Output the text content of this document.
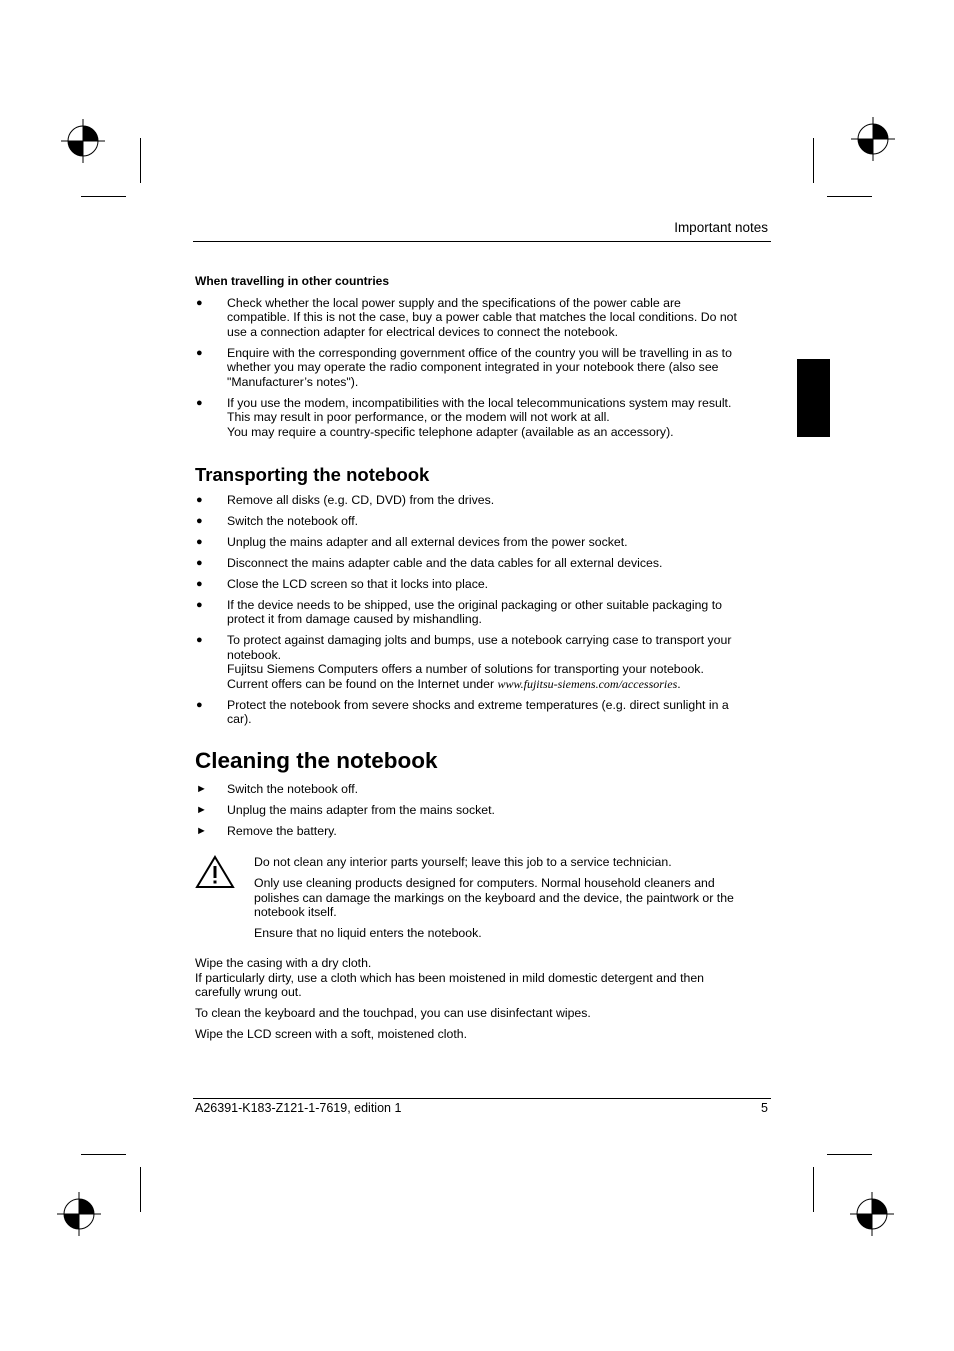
Important notes
When travelling in other countries
● Check whether the local power supply and the specifications of the power cable are
compatible. If this is not the case, buy a power cable that matches the local conditions. Do not
use a connection adapter for electrical devices to connect the notebook.
● Enquire with the corresponding government office of the country you will be travelling in as to
whether you may operate the radio component integrated in your notebook there (also see
"Manufacturer’s notes").
● If you use the modem, incompatibilities with the local telecommunications system may result.
This may result in poor performance, or the modem will not work at all.
You may require a country-specific telephone adapter (available as an accessory).
Transporting the notebook
● Remove all disks (e.g. CD, DVD) from the drives.
● Switch the notebook off.
● Unplug the mains adapter and all external devices from the power socket.
● Disconnect the mains adapter cable and the data cables for all external devices.
● Close the LCD screen so that it locks into place.
● If the device needs to be shipped, use the original packaging or other suitable packaging to
protect it from damage caused by mishandling.
● To protect against damaging jolts and bumps, use a notebook carrying case to transport your
notebook.
Fujitsu Siemens Computers offers a number of solutions for transporting your notebook.
Current offers can be found on the Internet under www.fujitsu-siemens.com/accessories.
● Protect the notebook from severe shocks and extreme temperatures (e.g. direct sunlight in a
car).
Cleaning the notebook
► Switch the notebook off.
► Unplug the mains adapter from the mains socket.
► Remove the battery.

Do not clean any interior parts yourself; leave this job to a service technician.

Only use cleaning products designed for computers. Normal household cleaners and
polishes can damage the markings on the keyboard and the device, the paintwork or the
notebook itself.

Ensure that no liquid enters the notebook.

Wipe the casing with a dry cloth.
If particularly dirty, use a cloth which has been moistened in mild domestic detergent and then
carefully wrung out.

To clean the keyboard and the touchpad, you can use disinfectant wipes.

Wipe the LCD screen with a soft, moistened cloth.

A26391-K183-Z121-1-7619, edition 1	5
